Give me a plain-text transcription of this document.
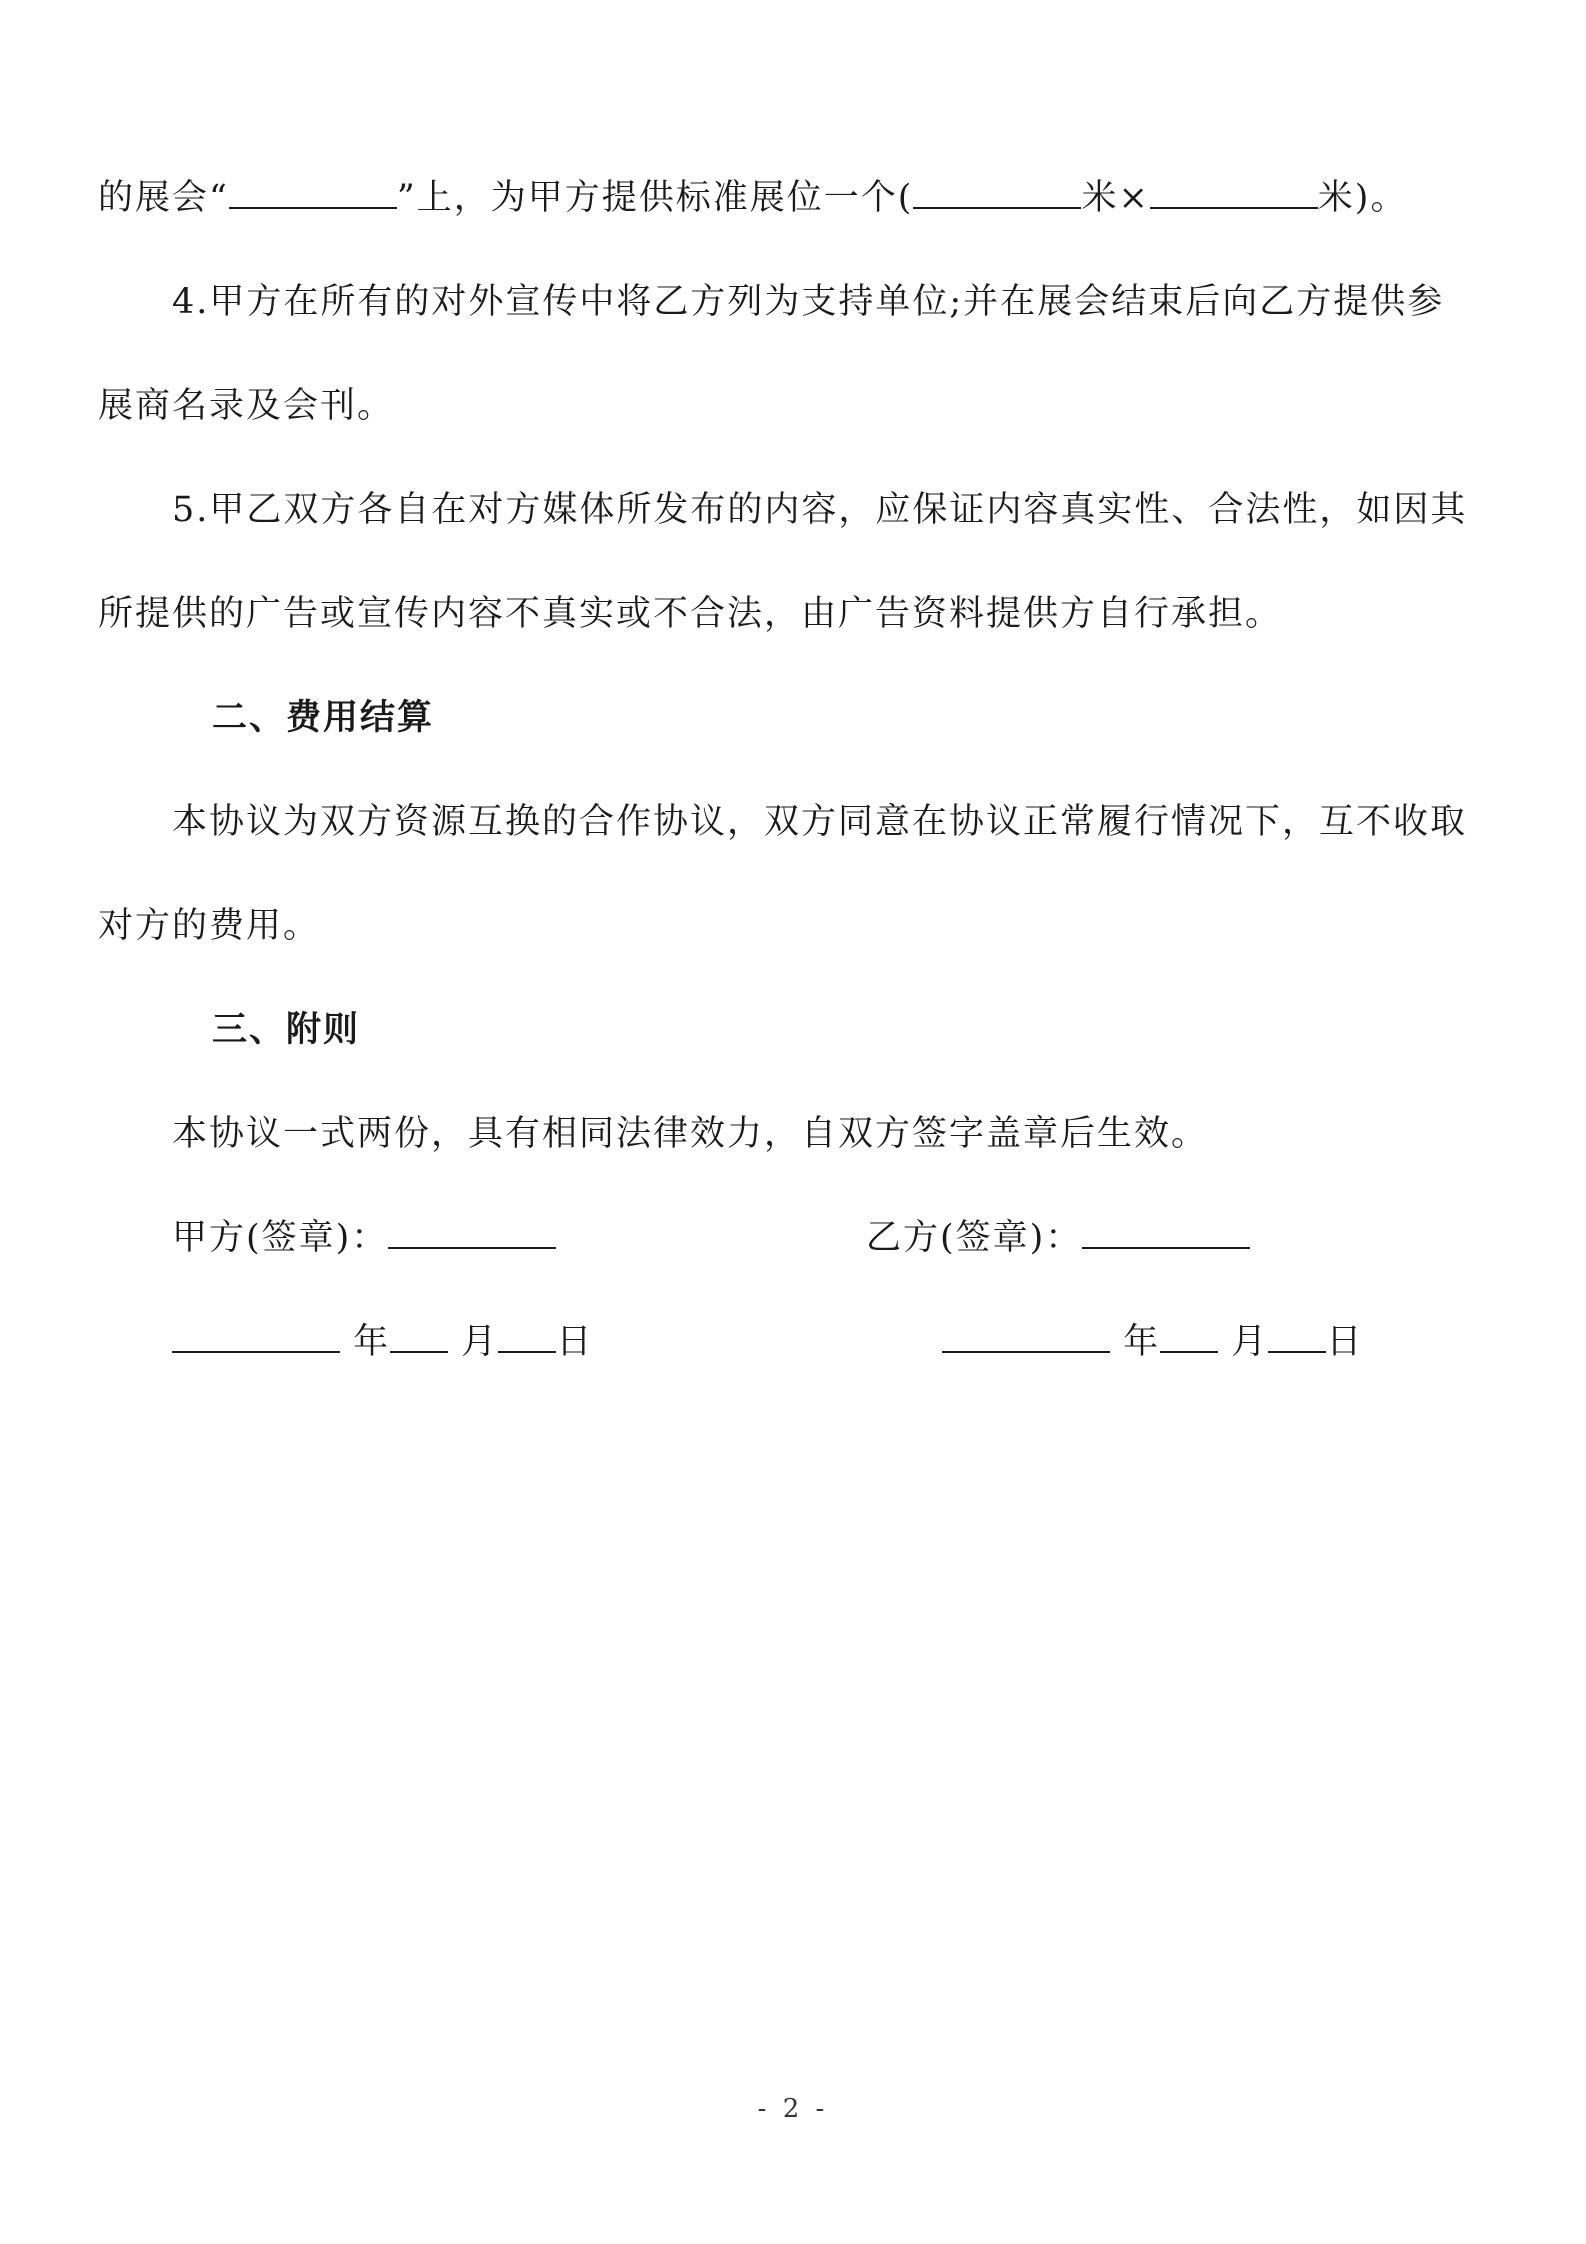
的展会“	”上，为甲方提供标准展位一个(	米×	米)。
4.甲方在所有的对外宣传中将乙方列为支持单位;并在展会结束后向乙方提供参
展商名录及会刊。
5.甲乙双方各自在对方媒体所发布的内容，应保证内容真实性、合法性，如因其
所提供的广告或宣传内容不真实或不合法，由广告资料提供方自行承担。
二、费用结算
本协议为双方资源互换的合作协议，双方同意在协议正常履行情况下，互不收取
对方的费用。
三、附则
本协议一式两份，具有相同法律效力，自双方签字盖章后生效。
甲方(签章)：	乙方(签章)：
年 月 日	年 月 日
- 2 -
